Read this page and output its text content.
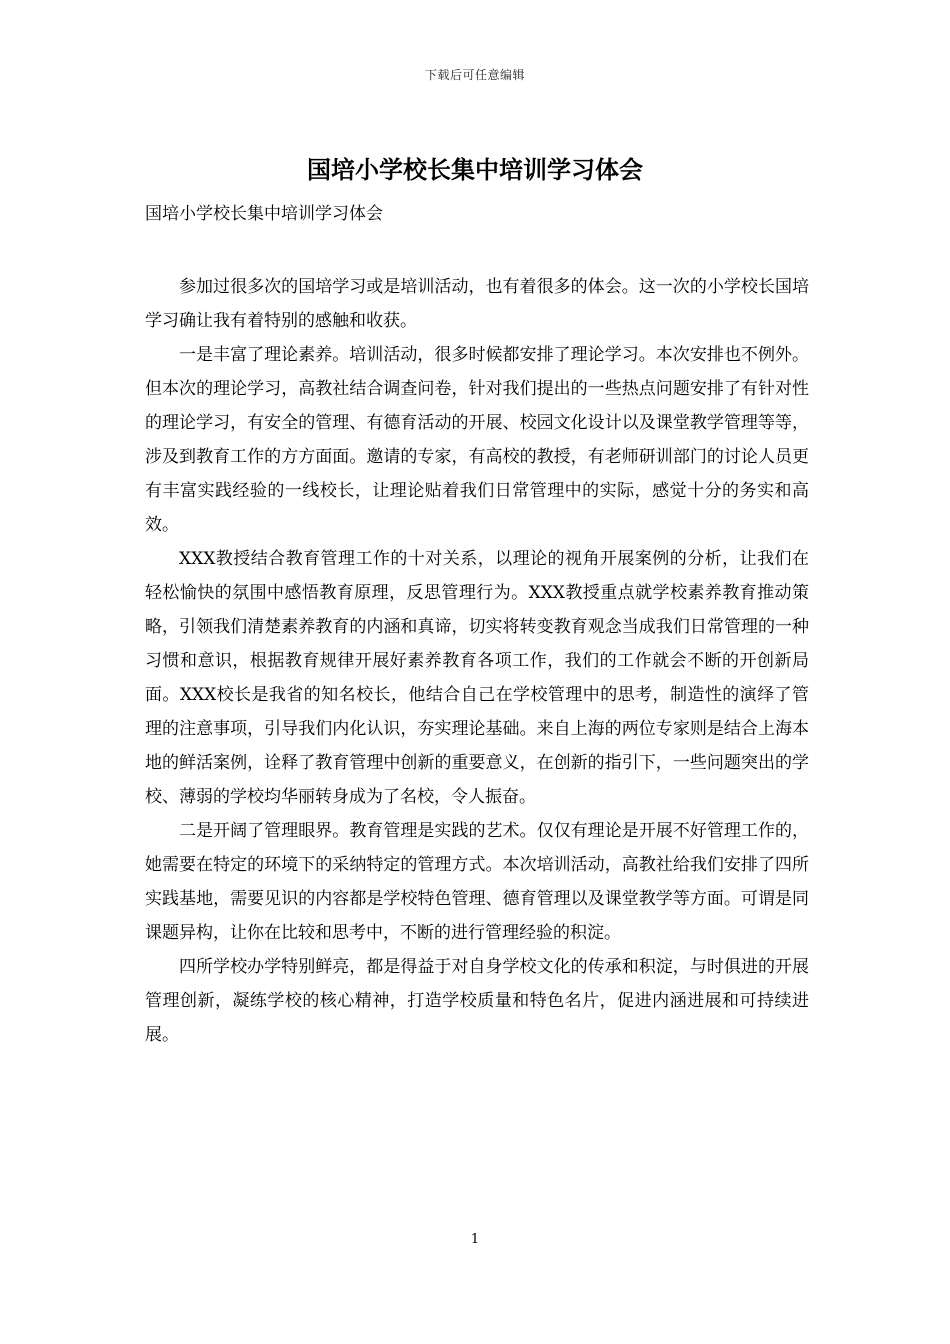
下载后可任意编辑
国培小学校长集中培训学习体会

国培小学校长集中培训学习体会

参加过很多次的国培学习或是培训活动，也有着很多的体会。这一次的小学校长国培学习确让我有着特别的感触和收获。

一是丰富了理论素养。培训活动，很多时候都安排了理论学习。本次安排也不例外。但本次的理论学习，高教社结合调查问卷，针对我们提出的一些热点问题安排了有针对性的理论学习，有安全的管理、有德育活动的开展、校园文化设计以及课堂教学管理等等，涉及到教育工作的方方面面。邀请的专家，有高校的教授，有老师研训部门的讨论人员更有丰富实践经验的一线校长，让理论贴着我们日常管理中的实际，感觉十分的务实和高效。

XXX教授结合教育管理工作的十对关系，以理论的视角开展案例的分析，让我们在轻松愉快的氛围中感悟教育原理，反思管理行为。XXX教授重点就学校素养教育推动策略，引领我们清楚素养教育的内涵和真谛，切实将转变教育观念当成我们日常管理的一种习惯和意识，根据教育规律开展好素养教育各项工作，我们的工作就会不断的开创新局面。XXX校长是我省的知名校长，他结合自己在学校管理中的思考，制造性的演绎了管理的注意事项，引导我们内化认识，夯实理论基础。来自上海的两位专家则是结合上海本地的鲜活案例，诠释了教育管理中创新的重要意义，在创新的指引下，一些问题突出的学校、薄弱的学校均华丽转身成为了名校，令人振奋。

二是开阔了管理眼界。教育管理是实践的艺术。仅仅有理论是开展不好管理工作的，她需要在特定的环境下的采纳特定的管理方式。本次培训活动，高教社给我们安排了四所实践基地，需要见识的内容都是学校特色管理、德育管理以及课堂教学等方面。可谓是同课题异构，让你在比较和思考中，不断的进行管理经验的积淀。

四所学校办学特别鲜亮，都是得益于对自身学校文化的传承和积淀，与时俱进的开展管理创新，凝练学校的核心精神，打造学校质量和特色名片，促进内涵进展和可持续进展。

1
